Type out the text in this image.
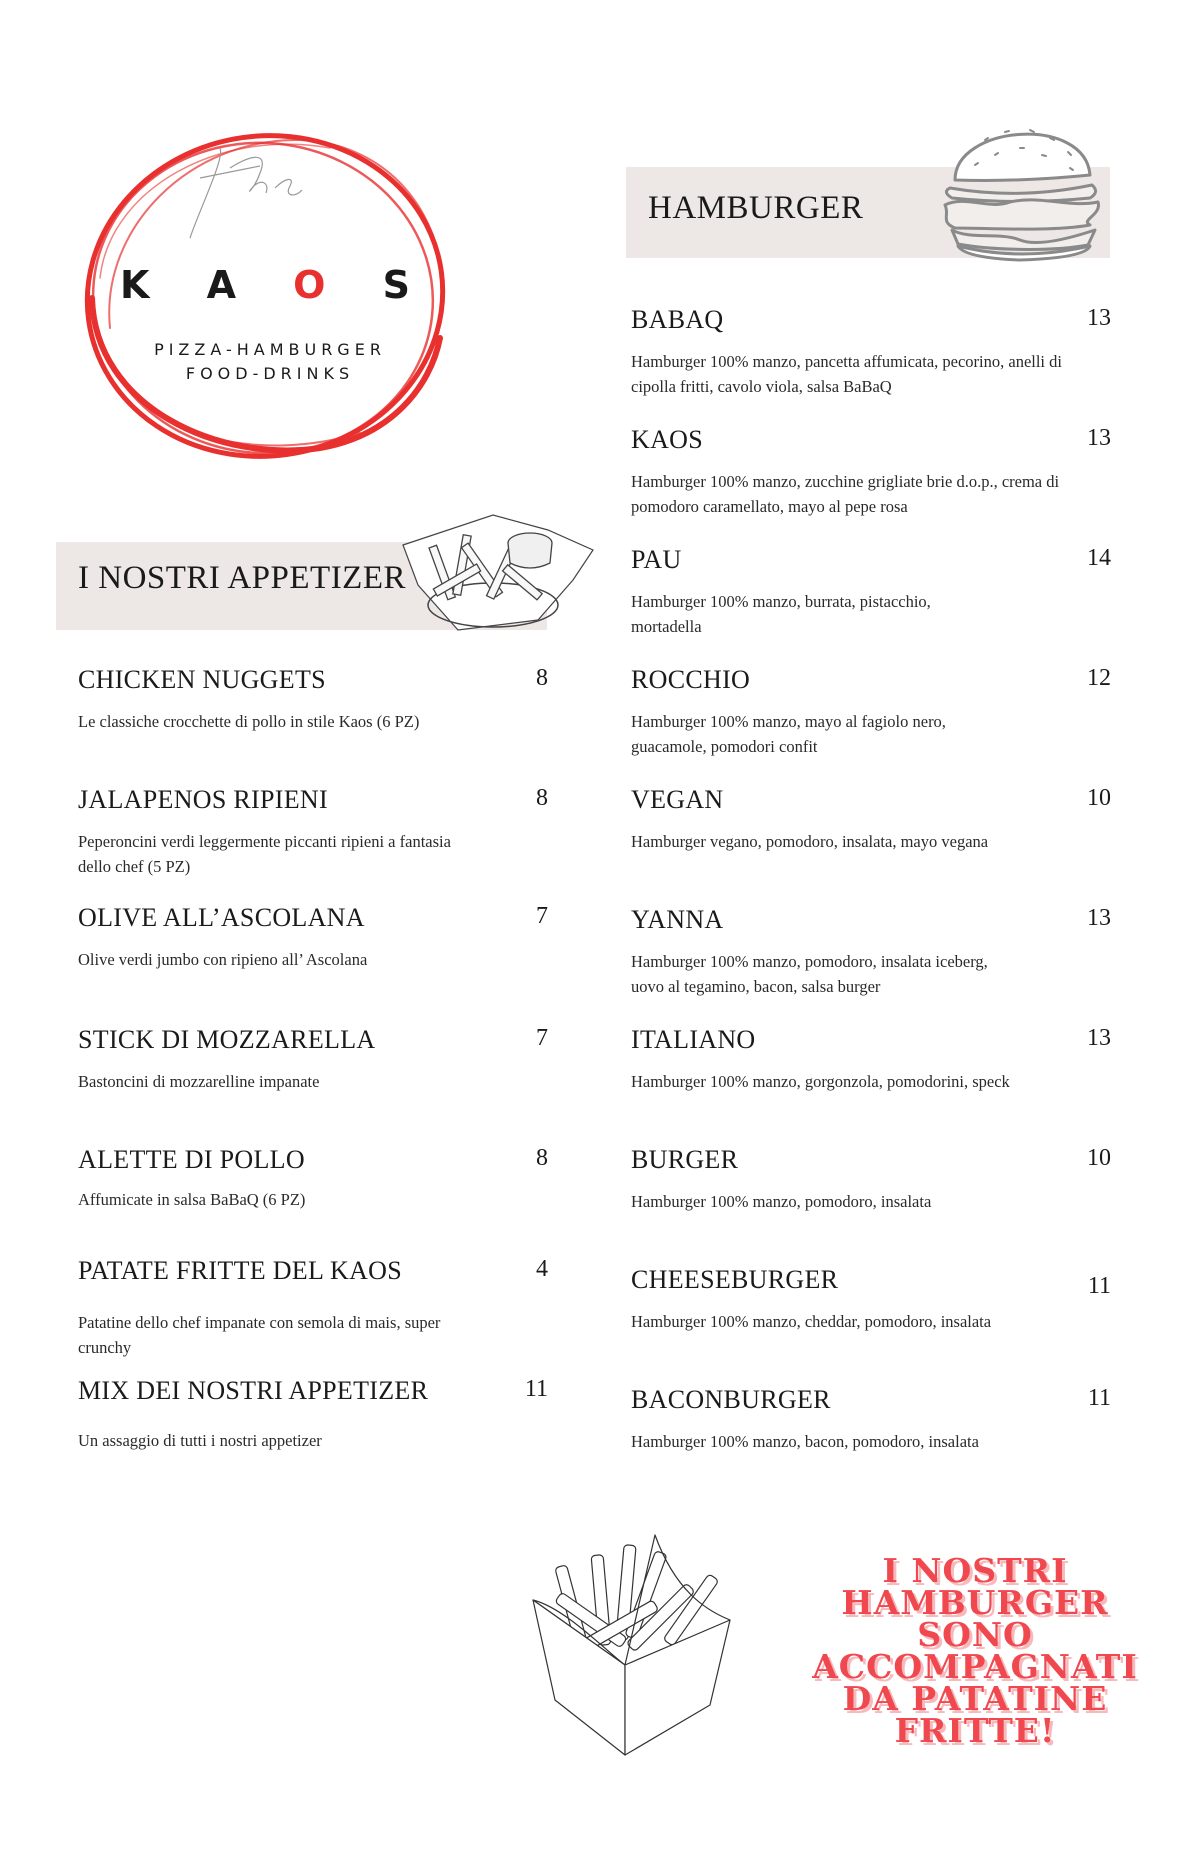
K A O S
PIZZA-HAMBURGER
FOOD-DRINKS
I NOSTRI APPETIZER
CHICKEN NUGGETS	8
Le classiche crocchette di pollo in stile Kaos (6 PZ)
JALAPENOS RIPIENI	8
Peperoncini verdi leggermente piccanti ripieni a fantasia dello chef (5 PZ)
OLIVE ALL’ASCOLANA	7
Olive verdi jumbo con ripieno all’ Ascolana
STICK DI MOZZARELLA	7
Bastoncini di mozzarelline impanate
ALETTE DI POLLO	8
Affumicate in salsa BaBaQ (6 PZ)
PATATE FRITTE DEL KAOS	4
Patatine dello chef impanate con semola di mais, super crunchy
MIX DEI NOSTRI APPETIZER	11
Un assaggio di tutti i nostri appetizer
HAMBURGER
BABAQ	13
Hamburger 100% manzo, pancetta affumicata, pecorino, anelli di cipolla fritti, cavolo viola, salsa BaBaQ
KAOS	13
Hamburger 100% manzo, zucchine grigliate brie d.o.p., crema di pomodoro caramellato, mayo al pepe rosa
PAU	14
Hamburger 100% manzo, burrata, pistacchio, mortadella
ROCCHIO	12
Hamburger 100% manzo, mayo al fagiolo nero, guacamole, pomodori confit
VEGAN	10
Hamburger vegano, pomodoro, insalata, mayo vegana
YANNA	13
Hamburger 100% manzo, pomodoro, insalata iceberg, uovo al tegamino, bacon, salsa burger
ITALIANO	13
Hamburger 100% manzo, gorgonzola, pomodorini, speck
BURGER	10
Hamburger 100% manzo, pomodoro, insalata
CHEESEBURGER	11
Hamburger 100% manzo, cheddar, pomodoro, insalata
BACONBURGER	11
Hamburger 100% manzo, bacon, pomodoro, insalata
I NOSTRI
HAMBURGER
SONO
ACCOMPAGNATI
DA PATATINE
FRITTE!
